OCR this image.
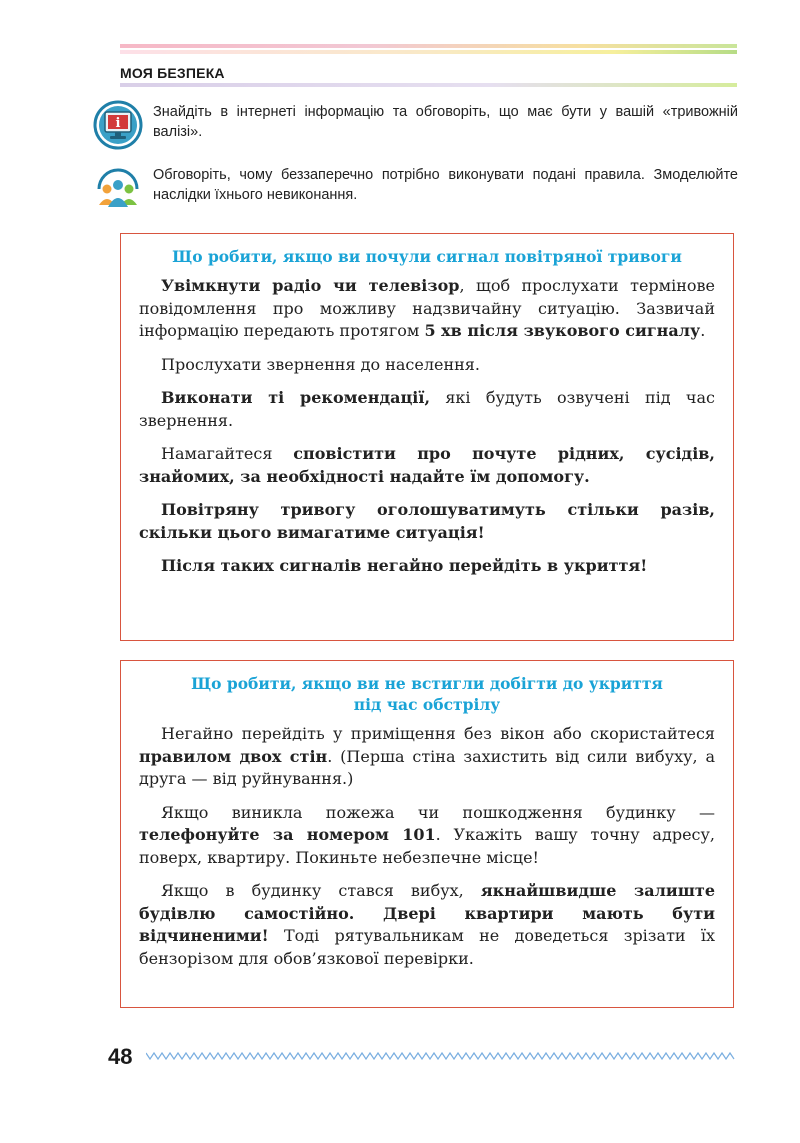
МОЯ БЕЗПЕКА
i
Знайдіть в інтернеті інформацію та обговоріть, що має бути у вашій «тривожній валізі».
Обговоріть, чому беззаперечно потрібно виконувати подані правила. Змоделюйте наслідки їхнього невиконання.
Що робити, якщо ви почули сигнал повітряної тривоги

Увімкнути радіо чи телевізор, щоб прослухати термінове повідомлення про можливу надзвичайну ситуацію. Зазвичай інформацію передають протягом 5 хв після звукового сигналу.

Прослухати звернення до населення.

Виконати ті рекомендації, які будуть озвучені під час звернення.

Намагайтеся сповістити про почуте рідних, сусідів, знайомих, за необхідності надайте їм допомогу.

Повітряну тривогу оголошуватимуть стільки разів, скільки цього вимагатиме ситуація!

Після таких сигналів негайно перейдіть в укриття!

Що робити, якщо ви не встигли добігти до укриття
під час обстрілу

Негайно перейдіть у приміщення без вікон або скористайтеся правилом двох стін. (Перша стіна захистить від сили вибуху, а друга — від руйнування.)

Якщо виникла пожежа чи пошкодження будинку — телефонуйте за номером 101. Укажіть вашу точну адресу, поверх, квартиру. Покиньте небезпечне місце!

Якщо в будинку стався вибух, якнайшвидше залиште будівлю самостійно. Двері квартири мають бути відчиненими! Тоді рятувальникам не доведеться зрізати їх бензорізом для обов’язкової перевірки.

48
